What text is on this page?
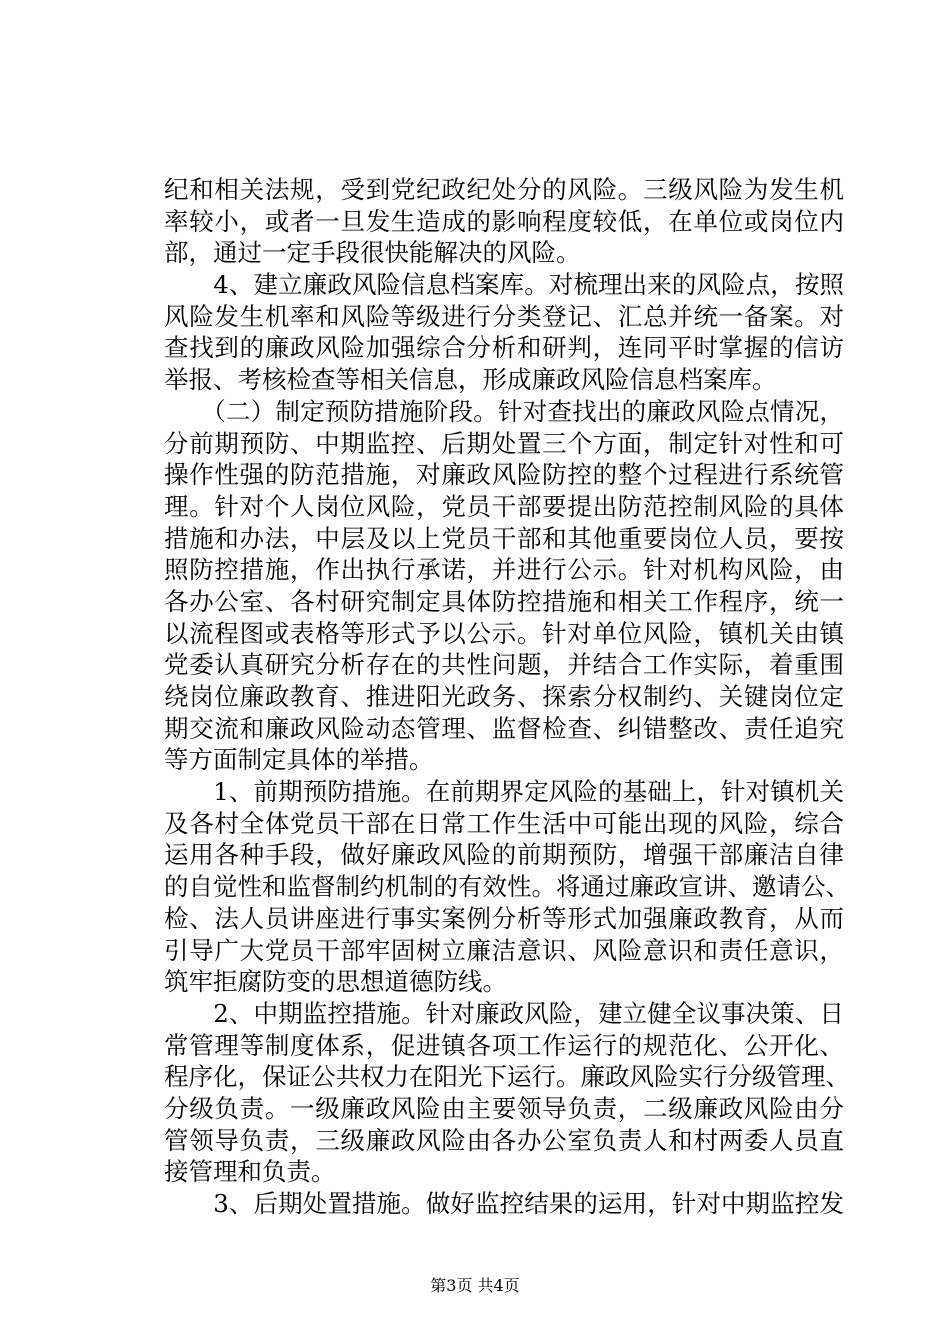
纪和相关法规，受到党纪政纪处分的风险。三级风险为发生机
率较小，或者一旦发生造成的影响程度较低，在单位或岗位内
部，通过一定手段很快能解决的风险。
　　4、建立廉政风险信息档案库。对梳理出来的风险点，按照
风险发生机率和风险等级进行分类登记、汇总并统一备案。对
查找到的廉政风险加强综合分析和研判，连同平时掌握的信访
举报、考核检查等相关信息，形成廉政风险信息档案库。
　　（二）制定预防措施阶段。针对查找出的廉政风险点情况，
分前期预防、中期监控、后期处置三个方面，制定针对性和可
操作性强的防范措施，对廉政风险防控的整个过程进行系统管
理。针对个人岗位风险，党员干部要提出防范控制风险的具体
措施和办法，中层及以上党员干部和其他重要岗位人员，要按
照防控措施，作出执行承诺，并进行公示。针对机构风险，由
各办公室、各村研究制定具体防控措施和相关工作程序，统一
以流程图或表格等形式予以公示。针对单位风险，镇机关由镇
党委认真研究分析存在的共性问题，并结合工作实际，着重围
绕岗位廉政教育、推进阳光政务、探索分权制约、关键岗位定
期交流和廉政风险动态管理、监督检查、纠错整改、责任追究
等方面制定具体的举措。
　　1、前期预防措施。在前期界定风险的基础上，针对镇机关
及各村全体党员干部在日常工作生活中可能出现的风险，综合
运用各种手段，做好廉政风险的前期预防，增强干部廉洁自律
的自觉性和监督制约机制的有效性。将通过廉政宣讲、邀请公、
检、法人员讲座进行事实案例分析等形式加强廉政教育，从而
引导广大党员干部牢固树立廉洁意识、风险意识和责任意识，
筑牢拒腐防变的思想道德防线。
　　2、中期监控措施。针对廉政风险，建立健全议事决策、日
常管理等制度体系，促进镇各项工作运行的规范化、公开化、
程序化，保证公共权力在阳光下运行。廉政风险实行分级管理、
分级负责。一级廉政风险由主要领导负责，二级廉政风险由分
管领导负责，三级廉政风险由各办公室负责人和村两委人员直
接管理和负责。
　　3、后期处置措施。做好监控结果的运用，针对中期监控发
第3页 共4页
